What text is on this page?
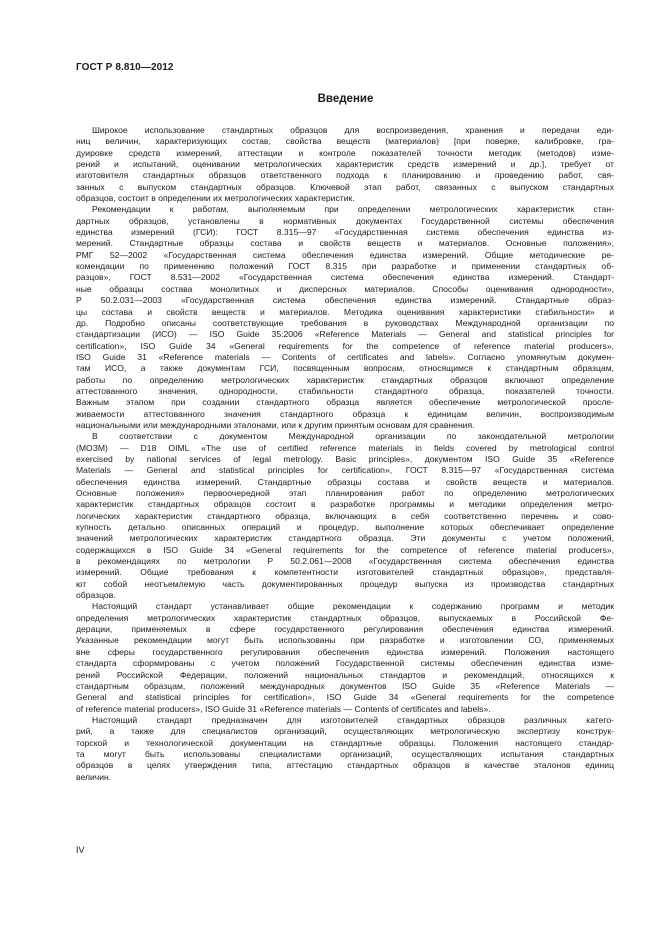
ГОСТ Р 8.810—2012
Введение
Широкое использование стандартных образцов для воспроизведения, хранения и передачи еди-
ниц величин, характеризующих состав, свойства веществ (материалов) [при поверке, калибровке, гра-
дуировке средств измерений, аттестации и контроле показателей точности методик (методов) изме-
рений и испытаний, оценивании метрологических характеристик средств измерений и др.], требует от
изготовителя стандартных образцов ответственного подхода к планированию и проведению работ, свя-
занных с выпуском стандартных образцов. Ключевой этап работ, связанных с выпуском стандартных
образцов, состоит в определении их метрологических характеристик.
Рекомендации к работам, выполняемым при определении метрологических характеристик стан-
дартных образцов, установлены в нормативных документах Государственной системы обеспечения
единства измерений (ГСИ): ГОСТ 8.315—97 «Государственная система обеспечения единства из-
мерений. Стандартные образцы состава и свойств веществ и материалов. Основные положения»,
РМГ 52—2002 «Государственная система обеспечения единства измерений. Общие методические ре-
комендации по применению положений ГОСТ 8.315 при разработке и применении стандартных об-
разцов», ГОСТ 8.531—2002 «Государственная система обеспечения единства измерений. Стандарт-
ные образцы состава монолитных и дисперсных материалов. Способы оценивания однородности»,
Р 50.2.031—2003 «Государственная система обеспечения единства измерений. Стандартные образ-
цы состава и свойств веществ и материалов. Методика оценивания характеристики стабильности» и
др. Подробно описаны соответствующие требования в руководствах Международной организации по
стандартизации (ИСО) — ISO Guide 35:2006 «Reference Materials — General and statistical principles for
certification», ISO Guide 34 «General requirements for the competence of reference material producers»,
ISO Guide 31 «Reference materials — Contents of certificates and labels». Согласно упомянутым докумен-
там ИСО, а также документам ГСИ, посвященным вопросам, относящимся к стандартным образцам,
работы по определению метрологических характеристик стандартных образцов включают определение
аттестованного значения, однородности, стабильности стандартного образца, показателей точности.
Важным этапом при создании стандартного образца является обеспечение метрологической просле-
живаемости аттестованного значения стандартного образца к единицам величин, воспроизводимым
национальными или международными эталонами, или к другим принятым основам для сравнения.
В соответствии с документом Международной организации по законодательной метрологии
(МОЗМ) — D18 OIML «The use of certified reference materials in fields covered by metrological control
exercised by national services of legal metrology. Basic principles», документом ISO Guide 35 «Reference
Materials — General and statistical principles for certification», ГОСТ 8.315—97 «Государственная система
обеспечения единства измерений. Стандартные образцы состава и свойств веществ и материалов.
Основные положения» первоочередной этап планирования работ по определению метрологических
характеристик стандартных образцов состоит в разработке программы и методики определения метро-
логических характеристик стандартного образца, включающих в себя соответственно перечень и сово-
купность детально описанных операций и процедур, выполнение которых обеспечивает определение
значений метрологических характеристик стандартного образца. Эти документы с учетом положений,
содержащихся в ISO Guide 34 «General requirements for the competence of reference material producers»,
в рекомендациях по метрологии Р 50.2.061—2008 «Государственная система обеспечения единства
измерений. Общие требования к компетентности изготовителей стандартных образцов», представля-
ют собой неотъемлемую часть документированных процедур выпуска из производства стандартных
образцов.
Настоящий стандарт устанавливает общие рекомендации к содержанию программ и методик
определения метрологических характеристик стандартных образцов, выпускаемых в Российской Фе-
дерации, применяемых в сфере государственного регулирования обеспечения единства измерений.
Указанные рекомендации могут быть использованы при разработке и изготовлении СО, применяемых
вне сферы государственного регулирования обеспечения единства измерений. Положения настоящего
стандарта сформированы с учетом положений Государственной системы обеспечения единства изме-
рений Российской Федерации, положений национальных стандартов и рекомендаций, относящихся к
стандартным образцам, положений международных документов ISO Guide 35 «Reference Materials —
General and statistical principles for certification», ISO Guide 34 «General requirements for the competence
of reference material producers», ISO Guide 31 «Reference materials — Contents of certificates and labels».
Настоящий стандарт предназначен для изготовителей стандартных образцов различных катего-
рий, а также для специалистов организаций, осуществляющих метрологическую экспертизу конструк-
торской и технологической документации на стандартные образцы. Положения настоящего стандар-
та могут быть использованы специалистами организаций, осуществляющих испытания стандартных
образцов в целях утверждения типа, аттестацию стандартных образцов в качестве эталонов единиц
величин.
IV
